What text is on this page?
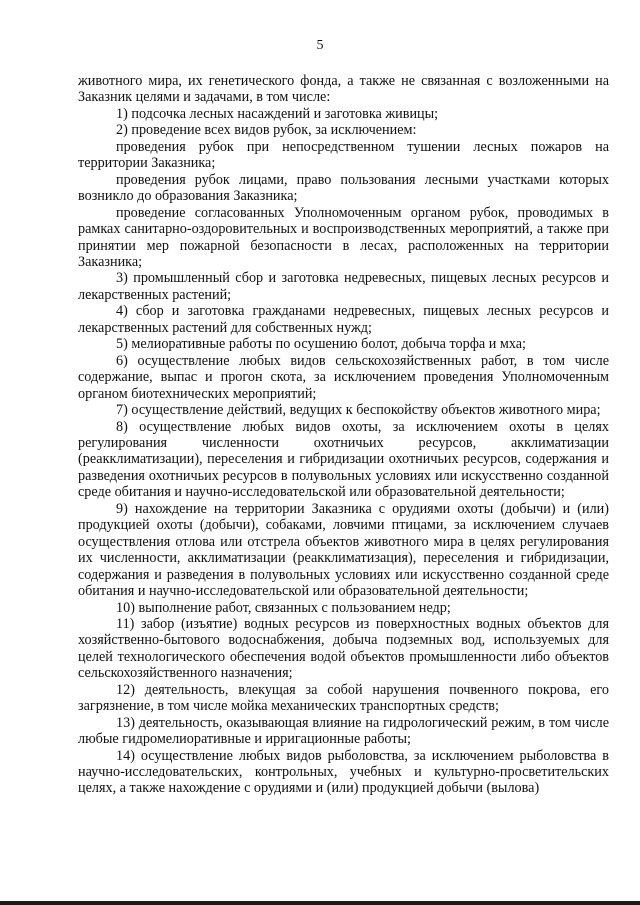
5

животного мира, их генетического фонда, а также не связанная с возложенными на Заказник целями и задачами, в том числе:

1) подсочка лесных насаждений и заготовка живицы;

2) проведение всех видов рубок, за исключением:

проведения рубок при непосредственном тушении лесных пожаров на территории Заказника;

проведения рубок лицами, право пользования лесными участками которых возникло до образования Заказника;

проведение согласованных Уполномоченным органом рубок, проводимых в рамках санитарно-оздоровительных и воспроизводственных мероприятий, а также при принятии мер пожарной безопасности в лесах, расположенных на территории Заказника;

3) промышленный сбор и заготовка недревесных, пищевых лесных ресурсов и лекарственных растений;

4) сбор и заготовка гражданами недревесных, пищевых лесных ресурсов и лекарственных растений для собственных нужд;

5) мелиоративные работы по осушению болот, добыча торфа и мха;

6) осуществление любых видов сельскохозяйственных работ, в том числе содержание, выпас и прогон скота, за исключением проведения Уполномоченным органом биотехнических мероприятий;

7) осуществление действий, ведущих к беспокойству объектов животного мира;

8) осуществление любых видов охоты, за исключением охоты в целях регулирования численности охотничьих ресурсов, акклиматизации (реакклиматизации), переселения и гибридизации охотничьих ресурсов, содержания и разведения охотничьих ресурсов в полувольных условиях или искусственно созданной среде обитания и научно-исследовательской или образовательной деятельности;

9) нахождение на территории Заказника с орудиями охоты (добычи) и (или) продукцией охоты (добычи), собаками, ловчими птицами, за исключением случаев осуществления отлова или отстрела объектов животного мира в целях регулирования их численности, акклиматизации (реакклиматизация), переселения и гибридизации, содержания и разведения в полувольных условиях или искусственно созданной среде обитания и научно-исследовательской или образовательной деятельности;

10) выполнение работ, связанных с пользованием недр;

11) забор (изъятие) водных ресурсов из поверхностных водных объектов для хозяйственно-бытового водоснабжения, добыча подземных вод, используемых для целей технологического обеспечения водой объектов промышленности либо объектов сельскохозяйственного назначения;

12) деятельность, влекущая за собой нарушения почвенного покрова, его загрязнение, в том числе мойка механических транспортных средств;

13) деятельность, оказывающая влияние на гидрологический режим, в том числе любые гидромелиоративные и ирригационные работы;

14) осуществление любых видов рыболовства, за исключением рыболовства в научно-исследовательских, контрольных, учебных и культурно-просветительских целях, а также нахождение с орудиями и (или) продукцией добычи (вылова)
